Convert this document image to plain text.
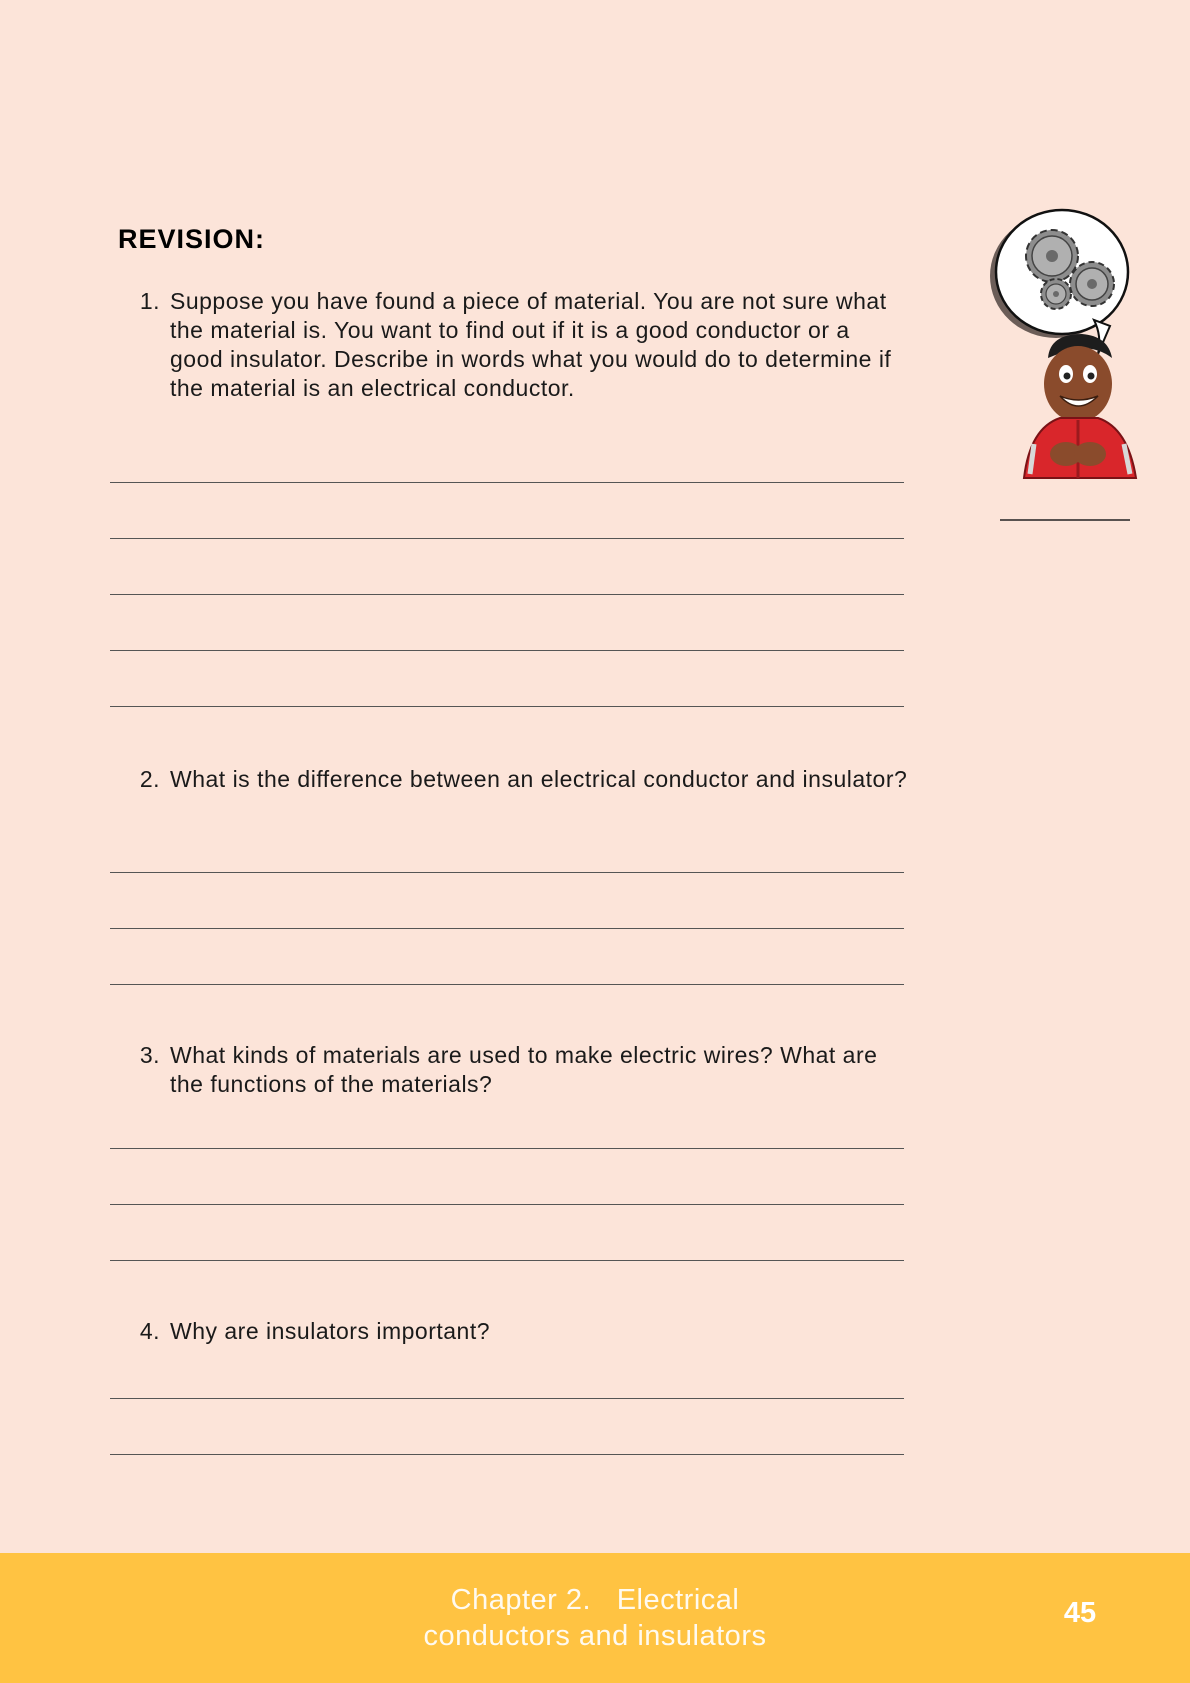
REVISION:
1. Suppose you have found a piece of material. You are not sure what the material is. You want to find out if it is a good conductor or a good insulator. Describe in words what you would do to determine if the material is an electrical conductor.
2. What is the difference between an electrical conductor and insulator?
3. What kinds of materials are used to make electric wires? What are the functions of the materials?
4. Why are insulators important?
Chapter 2.   Electrical
conductors and insulators
45
